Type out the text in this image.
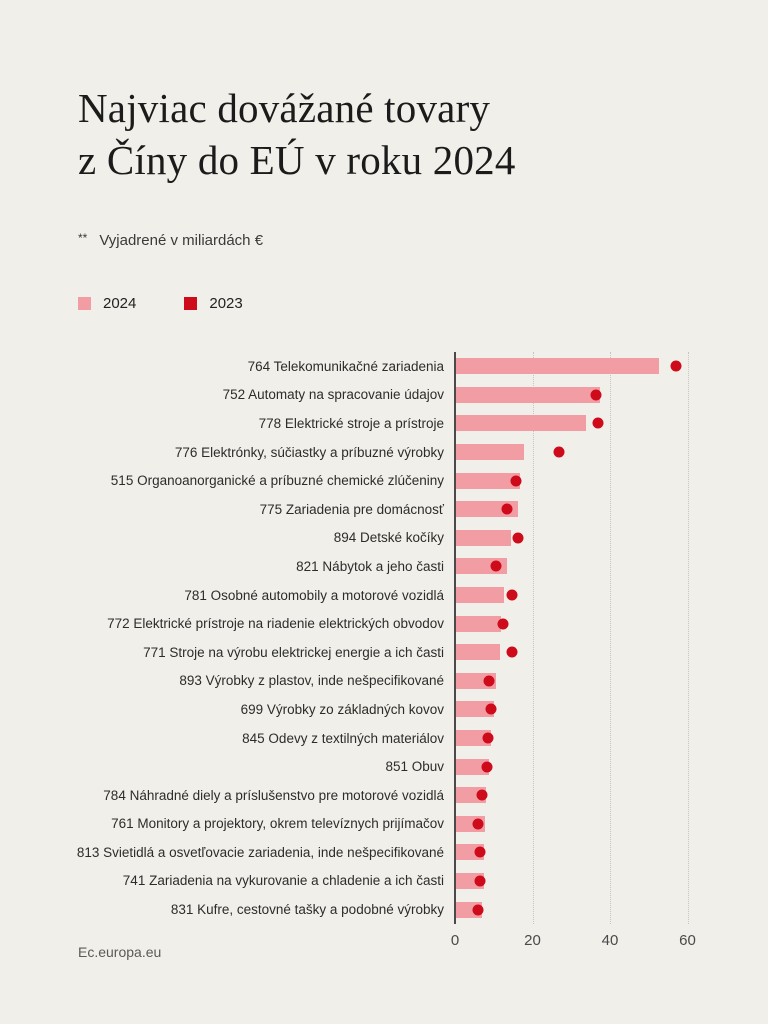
Najviac dovážané tovary
z Číny do EÚ v roku 2024
** Vyjadrené v miliardách €
2024	2023
764 Telekomunikačné zariadenia
752 Automaty na spracovanie údajov
778 Elektrické stroje a prístroje
776 Elektrónky, súčiastky a príbuzné výrobky
515 Organoanorganické a príbuzné chemické zlúčeniny
775 Zariadenia pre domácnosť
894 Detské kočíky
821 Nábytok a jeho časti
781 Osobné automobily a motorové vozidlá
772 Elektrické prístroje na riadenie elektrických obvodov
771 Stroje na výrobu elektrickej energie a ich časti
893 Výrobky z plastov, inde nešpecifikované
699 Výrobky zo základných kovov
845 Odevy z textilných materiálov
851 Obuv
784 Náhradné diely a príslušenstvo pre motorové vozidlá
761 Monitory a projektory, okrem televíznych prijímačov
813 Svietidlá a osvetľovacie zariadenia, inde nešpecifikované
741 Zariadenia na vykurovanie a chladenie a ich časti
831 Kufre, cestovné tašky a podobné výrobky
0	20	40	60
Ec.europa.eu
